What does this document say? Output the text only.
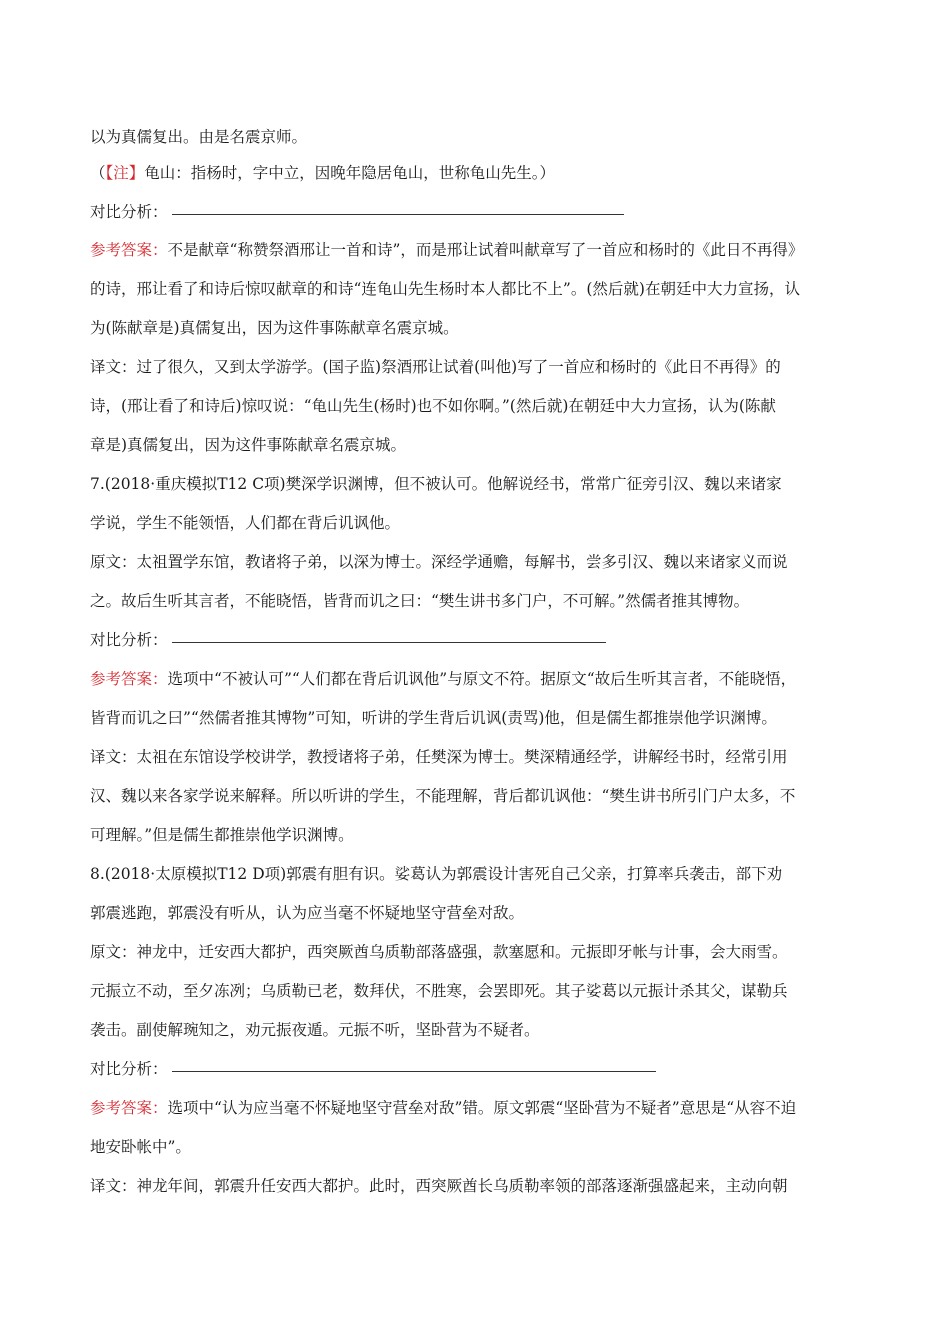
以为真儒复出。由是名震京师。
（【注】龟山：指杨时，字中立，因晚年隐居龟山，世称龟山先生。）
对比分析：
参考答案：不是献章“称赞祭酒邢让一首和诗”，而是邢让试着叫献章写了一首应和杨时的《此日不再得》
的诗，邢让看了和诗后惊叹献章的和诗“连龟山先生杨时本人都比不上”。(然后就)在朝廷中大力宣扬，认
为(陈献章是)真儒复出，因为这件事陈献章名震京城。
译文：过了很久，又到太学游学。(国子监)祭酒邢让试着(叫他)写了一首应和杨时的《此日不再得》的
诗，(邢让看了和诗后)惊叹说：“龟山先生(杨时)也不如你啊。”(然后就)在朝廷中大力宣扬，认为(陈献
章是)真儒复出，因为这件事陈献章名震京城。
7.(2018·重庆模拟T12 C项)樊深学识渊博，但不被认可。他解说经书，常常广征旁引汉、魏以来诸家
学说，学生不能领悟，人们都在背后讥讽他。
原文：太祖置学东馆，教诸将子弟，以深为博士。深经学通赡，每解书，尝多引汉、魏以来诸家义而说
之。故后生听其言者，不能晓悟，皆背而讥之曰：“樊生讲书多门户，不可解。”然儒者推其博物。
对比分析：
参考答案：选项中“不被认可”“人们都在背后讥讽他”与原文不符。据原文“故后生听其言者，不能晓悟，
皆背而讥之曰”“然儒者推其博物”可知，听讲的学生背后讥讽(责骂)他，但是儒生都推崇他学识渊博。
译文：太祖在东馆设学校讲学，教授诸将子弟，任樊深为博士。樊深精通经学，讲解经书时，经常引用
汉、魏以来各家学说来解释。所以听讲的学生，不能理解，背后都讥讽他：“樊生讲书所引门户太多，不
可理解。”但是儒生都推崇他学识渊博。
8.(2018·太原模拟T12 D项)郭震有胆有识。娑葛认为郭震设计害死自己父亲，打算率兵袭击，部下劝
郭震逃跑，郭震没有听从，认为应当毫不怀疑地坚守营垒对敌。
原文：神龙中，迁安西大都护，西突厥酋乌质勒部落盛强，款塞愿和。元振即牙帐与计事，会大雨雪。
元振立不动，至夕冻冽；乌质勒已老，数拜伏，不胜寒，会罢即死。其子娑葛以元振计杀其父，谋勒兵
袭击。副使解琬知之，劝元振夜遁。元振不听，坚卧营为不疑者。
对比分析：
参考答案：选项中“认为应当毫不怀疑地坚守营垒对敌”错。原文郭震“坚卧营为不疑者”意思是“从容不迫
地安卧帐中”。
译文：神龙年间，郭震升任安西大都护。此时，西突厥酋长乌质勒率领的部落逐渐强盛起来，主动向朝
